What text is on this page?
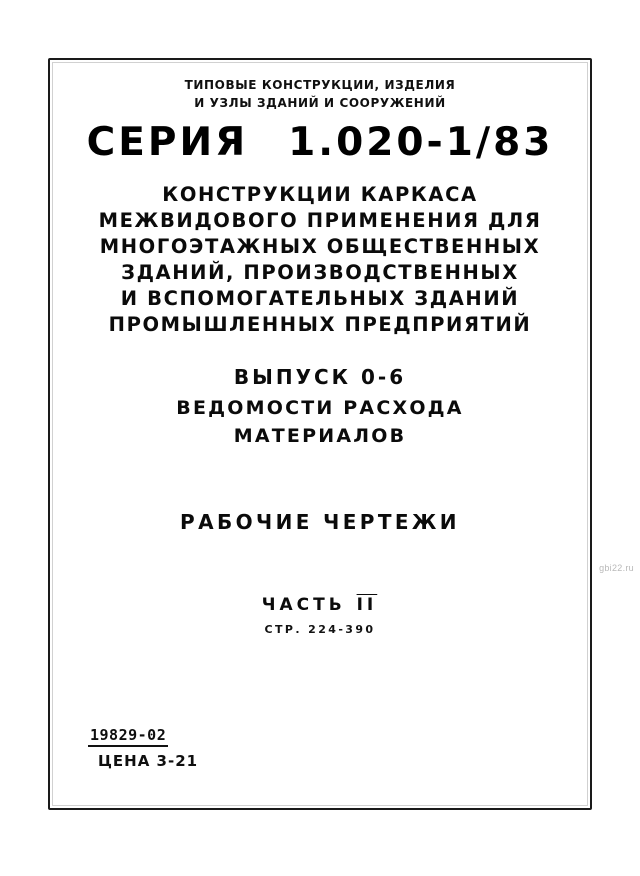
ТИПОВЫЕ КОНСТРУКЦИИ, ИЗДЕЛИЯ
И УЗЛЫ ЗДАНИЙ И СООРУЖЕНИЙ
СЕРИЯ 1.020-1/83
КОНСТРУКЦИИ КАРКАСА
МЕЖВИДОВОГО ПРИМЕНЕНИЯ ДЛЯ
МНОГОЭТАЖНЫХ ОБЩЕСТВЕННЫХ
ЗДАНИЙ, ПРОИЗВОДСТВЕННЫХ
И ВСПОМОГАТЕЛЬНЫХ ЗДАНИЙ
ПРОМЫШЛЕННЫХ ПРЕДПРИЯТИЙ
ВЫПУСК 0-6
ВЕДОМОСТИ РАСХОДА
МАТЕРИАЛОВ
РАБОЧИЕ ЧЕРТЕЖИ
ЧАСТЬ $\overline{II}$
СТР. 224-390
19829-02
ЦЕНА 3-21
gbi22.ru
